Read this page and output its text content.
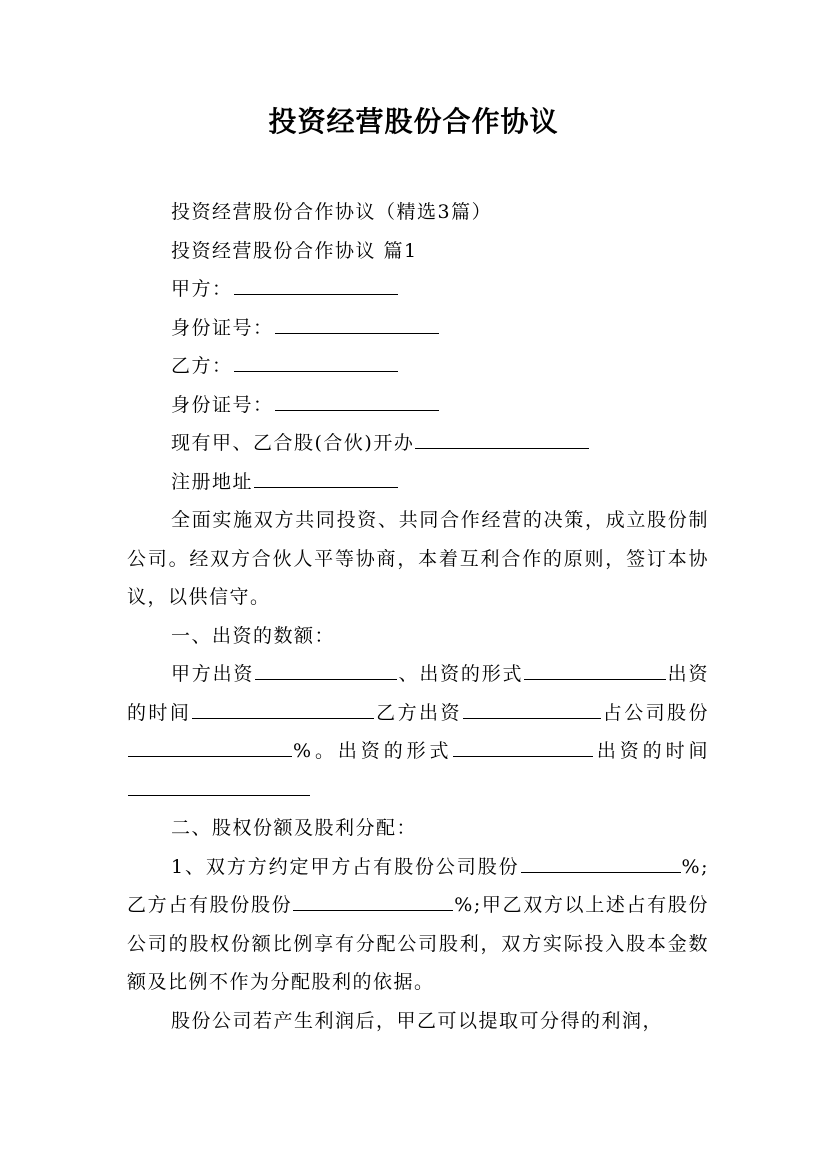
投资经营股份合作协议

投资经营股份合作协议（精选3篇）

投资经营股份合作协议 篇1

甲方：

身份证号：

乙方：

身份证号：

现有甲、乙合股(合伙)开办

注册地址

全面实施双方共同投资、共同合作经营的决策，成立股份制公司。经双方合伙人平等协商，本着互利合作的原则，签订本协议，以供信守。

一、出资的数额：

甲方出资	、出资的形式	出资的时间	乙方出资	占公司股份%。出资的形式	出资的时间

二、股权份额及股利分配：

1、双方方约定甲方占有股份公司股份	%;乙方占有股份股份	%;甲乙双方以上述占有股份公司的股权份额比例享有分配公司股利，双方实际投入股本金数额及比例不作为分配股利的依据。

股份公司若产生利润后，甲乙可以提取可分得的利润，
